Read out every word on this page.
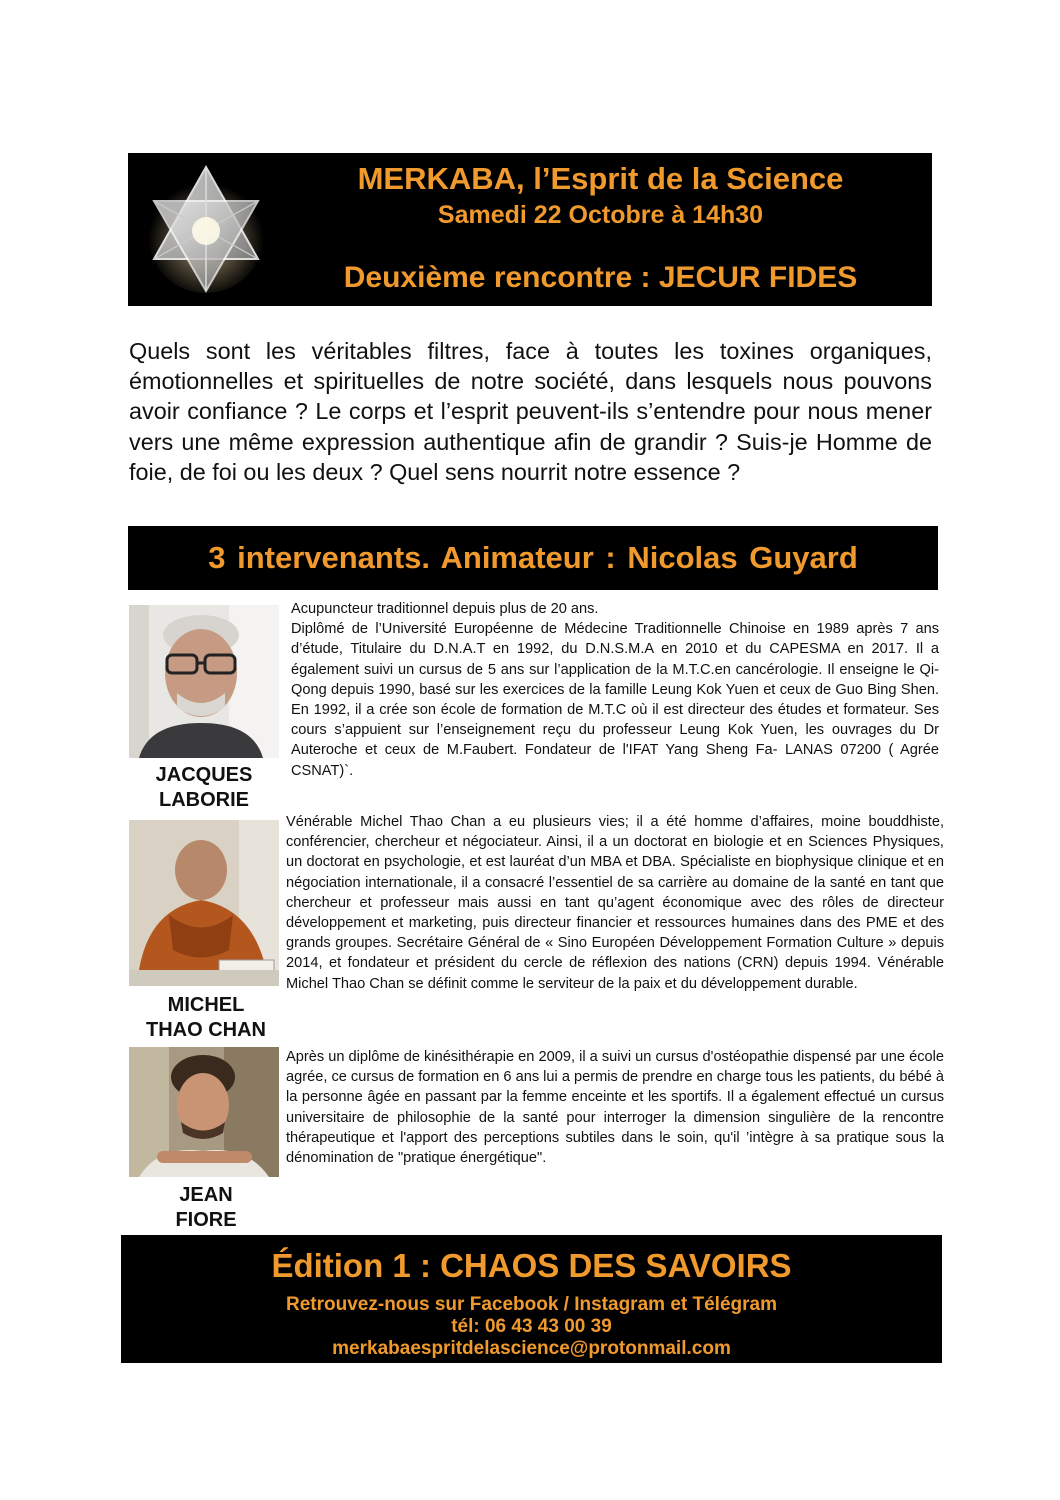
MERKABA, l’Esprit de la Science
Samedi 22 Octobre à 14h30
Deuxième rencontre : JECUR FIDES
Quels sont les véritables filtres, face à toutes les toxines organiques, émotionnelles et spirituelles de notre société, dans lesquels nous pouvons avoir confiance ? Le corps et l’esprit peuvent-ils s’entendre pour nous mener vers une même expression authentique afin de grandir ? Suis-je Homme de foie, de foi ou les deux ? Quel sens nourrit notre essence ?
3 intervenants. Animateur : Nicolas Guyard
JACQUES
LABORIE

Acupuncteur traditionnel depuis plus de 20 ans.

Diplômé de l’Université Européenne de Médecine Traditionnelle Chinoise en 1989 après 7 ans d’étude, Titulaire du D.N.A.T en 1992, du D.N.S.M.A en 2010 et du CAPESMA en 2017. Il a également suivi un cursus de 5 ans sur l’application de la M.T.C.en cancérologie. Il enseigne le Qi-Qong depuis 1990, basé sur les exercices de la famille Leung Kok Yuen et ceux de Guo Bing Shen. En 1992, il a crée son école de formation de M.T.C où il est directeur des études et formateur. Ses cours s’appuient sur l’enseignement reçu du professeur Leung Kok Yuen, les ouvrages du Dr Auteroche et ceux de M.Faubert. Fondateur de l'IFAT Yang Sheng Fa- LANAS 07200 ( Agrée CSNAT)`.

MICHEL
THAO CHAN

Vénérable Michel Thao Chan a eu plusieurs vies; il a été homme d’affaires, moine bouddhiste, conférencier, chercheur et négociateur. Ainsi, il a un doctorat en biologie et en Sciences Physiques, un doctorat en psychologie, et est lauréat d’un MBA et DBA. Spécialiste en biophysique clinique et en négociation internationale, il a consacré l’essentiel de sa carrière au domaine de la santé en tant que chercheur et professeur mais aussi en tant qu’agent économique avec des rôles de directeur développement et marketing, puis directeur financier et ressources humaines dans des PME et des grands groupes. Secrétaire Général de « Sino Européen Développement Formation Culture » depuis 2014, et fondateur et président du cercle de réflexion des nations (CRN) depuis 1994. Vénérable Michel Thao Chan se définit comme le serviteur de la paix et du développement durable.

JEAN
FIORE

Après un diplôme de kinésithérapie en 2009, il a suivi un cursus d'ostéopathie dispensé par une école agrée, ce cursus de formation en 6 ans lui a permis de prendre en charge tous les patients, du bébé à la personne âgée en passant par la femme enceinte et les sportifs. Il a également effectué un cursus universitaire de philosophie de la santé pour interroger la dimension singulière de la rencontre thérapeutique et l'apport des perceptions subtiles dans le soin, qu'il ’intègre à sa pratique sous la dénomination de "pratique énergétique".

Édition 1 : CHAOS DES SAVOIRS
Retrouvez-nous sur Facebook / Instagram et Télégram
tél: 06 43 43 00 39
merkabaespritdelascience@protonmail.com
